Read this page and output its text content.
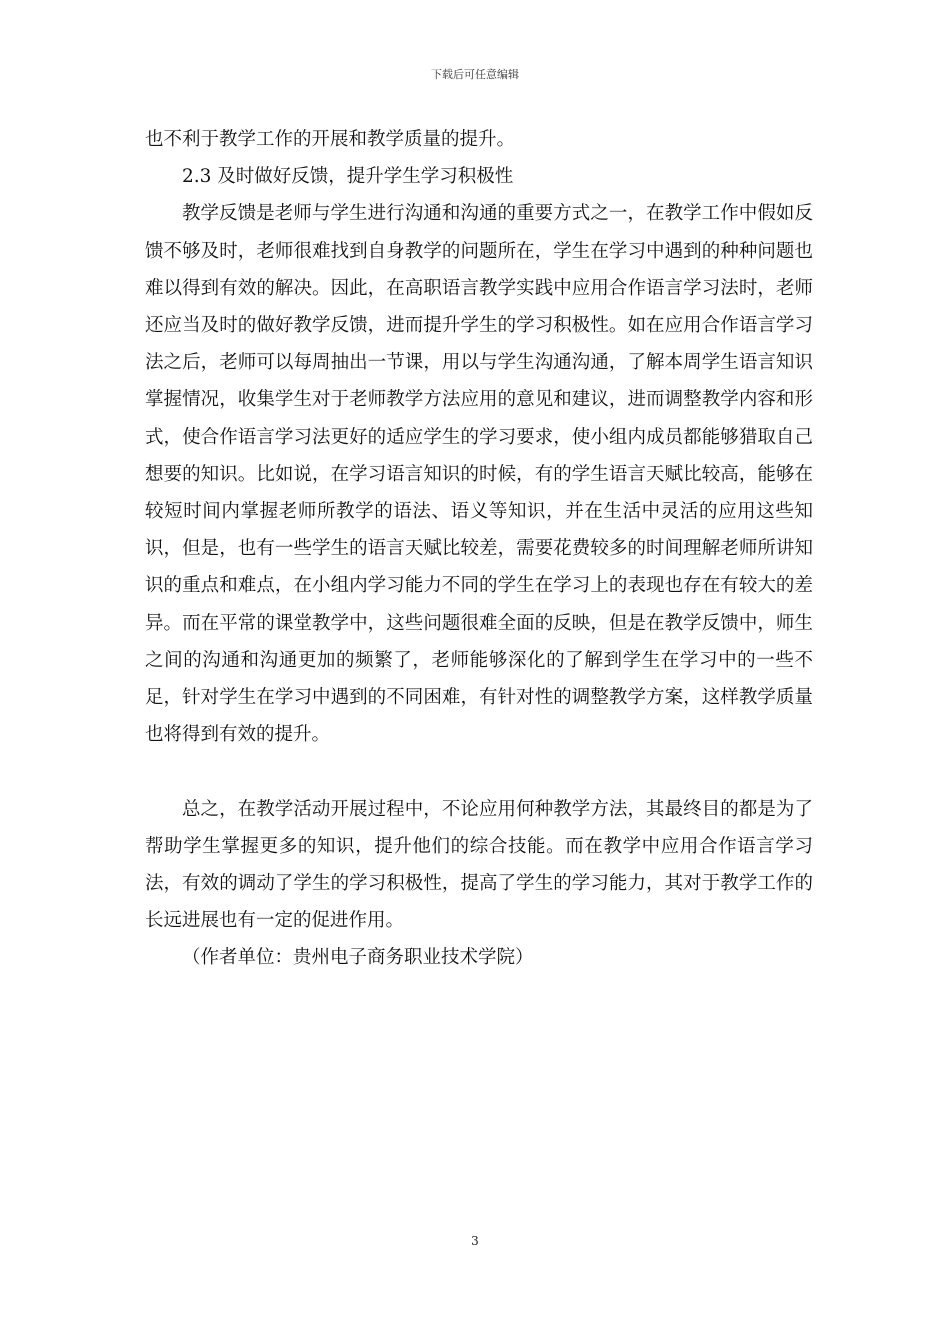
下载后可任意编辑

也不利于教学工作的开展和教学质量的提升。

2.3 及时做好反馈，提升学生学习积极性

教学反馈是老师与学生进行沟通和沟通的重要方式之一，在教学工作中假如反馈不够及时，老师很难找到自身教学的问题所在，学生在学习中遇到的种种问题也难以得到有效的解决。因此，在高职语言教学实践中应用合作语言学习法时，老师还应当及时的做好教学反馈，进而提升学生的学习积极性。如在应用合作语言学习法之后，老师可以每周抽出一节课，用以与学生沟通沟通，了解本周学生语言知识掌握情况，收集学生对于老师教学方法应用的意见和建议，进而调整教学内容和形式，使合作语言学习法更好的适应学生的学习要求，使小组内成员都能够猎取自己想要的知识。比如说，在学习语言知识的时候，有的学生语言天赋比较高，能够在较短时间内掌握老师所教学的语法、语义等知识，并在生活中灵活的应用这些知识，但是，也有一些学生的语言天赋比较差，需要花费较多的时间理解老师所讲知识的重点和难点，在小组内学习能力不同的学生在学习上的表现也存在有较大的差异。而在平常的课堂教学中，这些问题很难全面的反映，但是在教学反馈中，师生之间的沟通和沟通更加的频繁了，老师能够深化的了解到学生在学习中的一些不足，针对学生在学习中遇到的不同困难，有针对性的调整教学方案，这样教学质量也将得到有效的提升。

总之，在教学活动开展过程中，不论应用何种教学方法，其最终目的都是为了帮助学生掌握更多的知识，提升他们的综合技能。而在教学中应用合作语言学习法，有效的调动了学生的学习积极性，提高了学生的学习能力，其对于教学工作的长远进展也有一定的促进作用。

（作者单位：贵州电子商务职业技术学院）

3
